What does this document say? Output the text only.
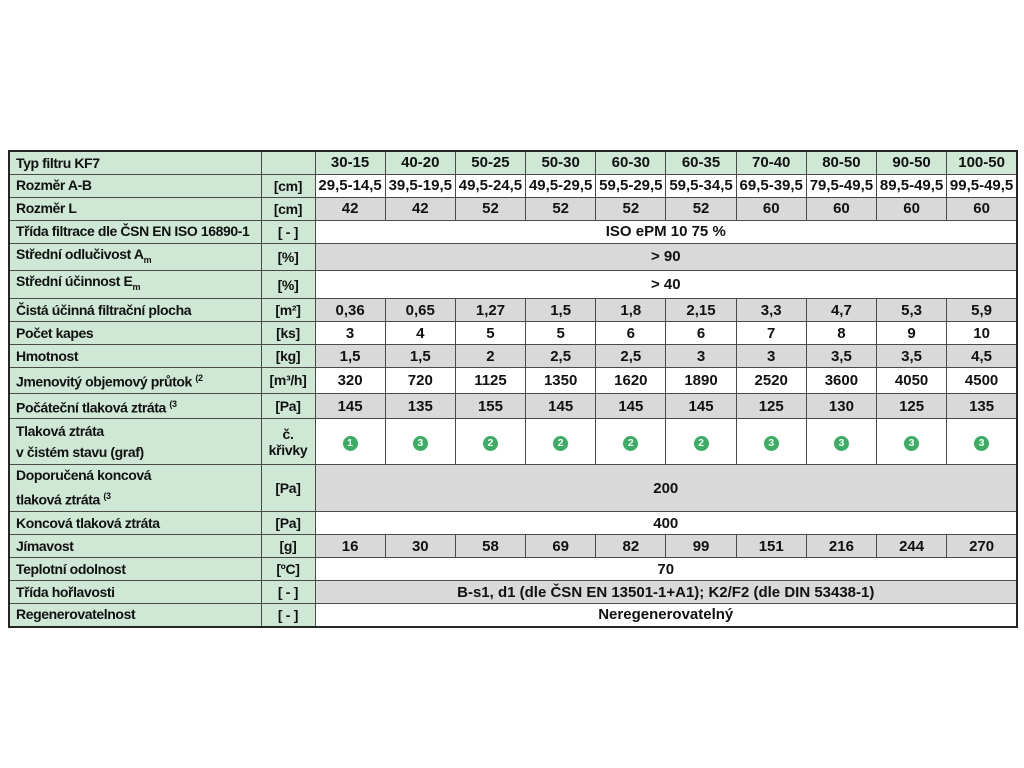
Typ filtru KF7		30-15	40-20	50-25	50-30	60-30	60-35	70-40	80-50	90-50	100-50

Rozměr A-B	[cm]	29,5-14,5	39,5-19,5	49,5-24,5	49,5-29,5	59,5-29,5	59,5-34,5	69,5-39,5	79,5-49,5	89,5-49,5	99,5-49,5

Rozměr L	[cm]	42	42	52	52	52	52	60	60	60	60

Třída filtrace dle ČSN EN ISO 16890-1	[ - ]	ISO ePM 10 75 %									

Střední odlučivost $A_m$	[%]	> 90									

Střední účinnost $E_m$	[%]	> 40									

Čistá účinná filtrační plocha	[m²]	0,36	0,65	1,27	1,5	1,8	2,15	3,3	4,7	5,3	5,9

Počet kapes	[ks]	3	4	5	5	6	6	7	8	9	10

Hmotnost	[kg]	1,5	1,5	2	2,5	2,5	3	3	3,5	3,5	4,5

Jmenovitý objemový průtok $^{(2}$	[m³/h]	320	720	1125	1350	1620	1890	2520	3600	4050	4500

Počáteční tlaková ztráta $^{(3}$	[Pa]	145	135	155	145	145	145	125	130	125	135

Tlaková ztráta
v čistém stavu (graf)	č. křivky	1	3	2	2	2	2	3	3	3	3

Doporučená koncová
tlaková ztráta $^{(3}$	[Pa]	200									

Koncová tlaková ztráta	[Pa]	400									

Jímavost	[g]	16	30	58	69	82	99	151	216	244	270

Teplotní odolnost	[ºC]	70									

Třída hořlavosti	[ - ]	B-s1, d1 (dle ČSN EN 13501-1+A1); K2/F2 (dle DIN 53438-1)									

Regenerovatelnost	[ - ]	Neregenerovatelný									
